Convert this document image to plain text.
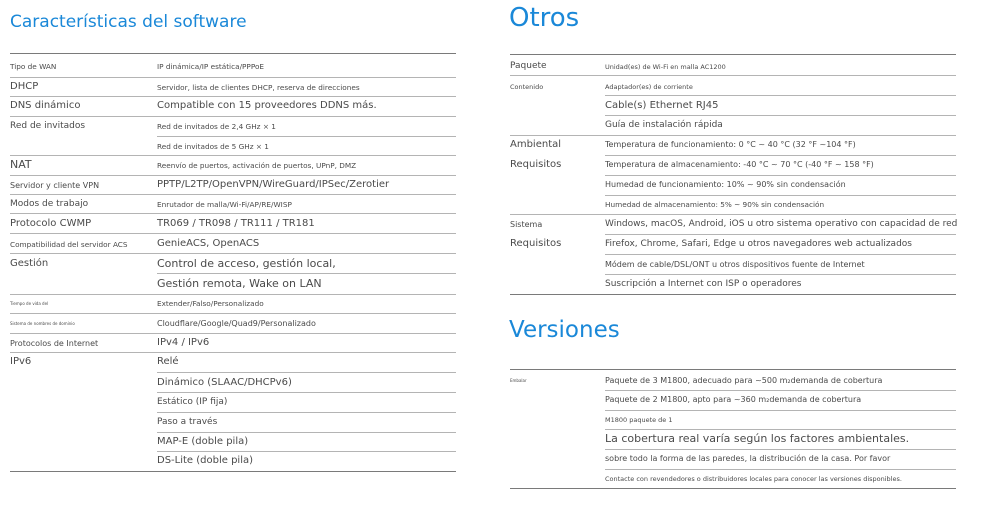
Características del software
Tipo de WAN	IP dinámica/IP estática/PPPoE
DHCP	Servidor, lista de clientes DHCP, reserva de direcciones
DNS dinámico	Compatible con 15 proveedores DDNS más.
Red de invitados	Red de invitados de 2,4 GHz × 1
Red de invitados de 5 GHz × 1
NAT	Reenvío de puertos, activación de puertos, UPnP, DMZ
Servidor y cliente VPN	PPTP/L2TP/OpenVPN/WireGuard/IPSec/Zerotier
Modos de trabajo	Enrutador de malla/Wi-Fi/AP/RE/WISP
Protocolo CWMP	TR069 / TR098 / TR111 / TR181
Compatibilidad del servidor ACS	GenieACS, OpenACS
Gestión	Control de acceso, gestión local,
Gestión remota, Wake on LAN
Tiempo de vida del	Extender/Falso/Personalizado
Sistema de nombres de dominio	Cloudflare/Google/Quad9/Personalizado
Protocolos de Internet	IPv4 / IPv6
IPv6	Relé
Dinámico (SLAAC/DHCPv6)
Estático (IP fija)
Paso a través
MAP-E (doble pila)
DS-Lite (doble pila)
Otros
Paquete	Unidad(es) de Wi-Fi en malla AC1200
Contenido	Adaptador(es) de corriente
Cable(s) Ethernet RJ45
Guía de instalación rápida
Ambiental	Temperatura de funcionamiento: 0 °C ~ 40 °C (32 °F ~104 °F)
Requisitos	Temperatura de almacenamiento: -40 °C ~ 70 °C (-40 °F ~ 158 °F)
Humedad de funcionamiento: 10% ~ 90% sin condensación
Humedad de almacenamiento: 5% ~ 90% sin condensación
Sistema	Windows, macOS, Android, iOS u otro sistema operativo con capacidad de red
Requisitos	Firefox, Chrome, Safari, Edge u otros navegadores web actualizados
Módem de cable/DSL/ONT u otros dispositivos fuente de Internet
Suscripción a Internet con ISP o operadores
Versiones
Embalar	Paquete de 3 M1800, adecuado para ~500 m₂demanda de cobertura
Paquete de 2 M1800, apto para ~360 m₂demanda de cobertura
M1800 paquete de 1
La cobertura real varía según los factores ambientales.
sobre todo la forma de las paredes, la distribución de la casa. Por favor
Contacte con revendedores o distribuidores locales para conocer las versiones disponibles.
